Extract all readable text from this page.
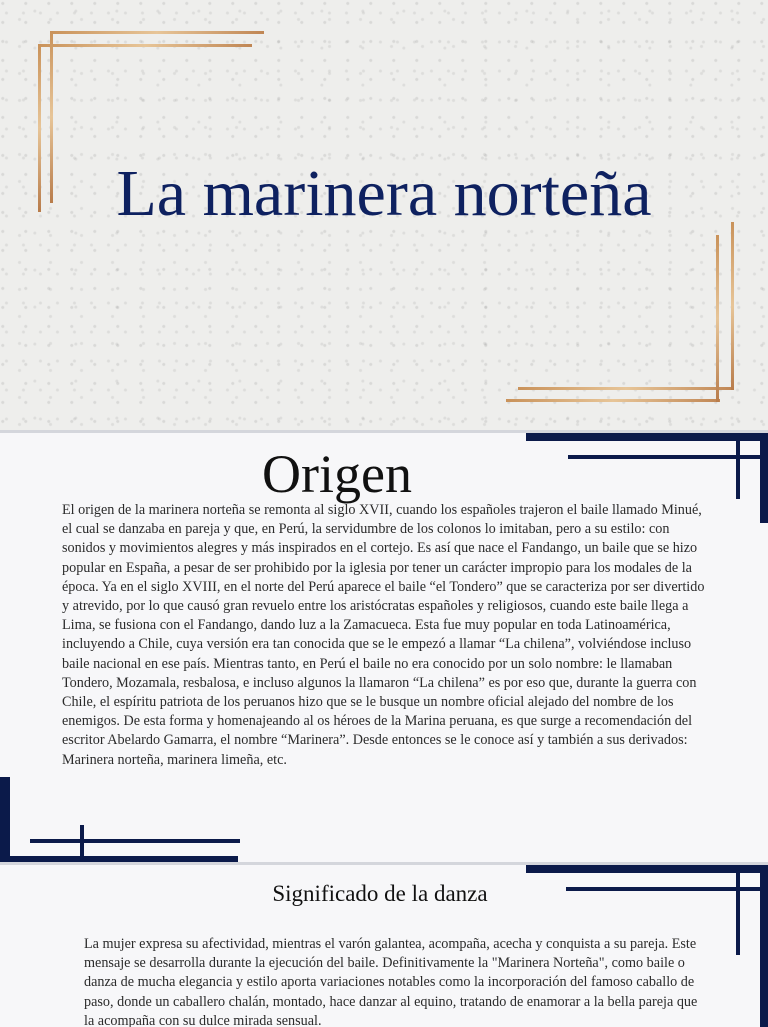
La marinera norteña
Origen

El origen de la marinera norteña se remonta al siglo XVII, cuando los españoles trajeron el baile llamado Minué, el cual se danzaba en pareja y que, en Perú, la servidumbre de los colonos lo imitaban, pero a su estilo: con sonidos y movimientos alegres y más inspirados en el cortejo. Es así que nace el Fandango, un baile que se hizo popular en España, a pesar de ser prohibido por la iglesia por tener un carácter impropio para los modales de la época. Ya en el siglo XVIII, en el norte del Perú aparece el baile “el Tondero” que se caracteriza por ser divertido y atrevido, por lo que causó gran revuelo entre los aristócratas españoles y religiosos, cuando este baile llega a Lima, se fusiona con el Fandango, dando luz a la Zamacueca. Esta fue muy popular en toda Latinoamérica, incluyendo a Chile, cuya versión era tan conocida que se le empezó a llamar “La chilena”, volviéndose incluso baile nacional en ese país. Mientras tanto, en Perú el baile no era conocido por un solo nombre: le llamaban Tondero, Mozamala, resbalosa, e incluso algunos la llamaron “La chilena” es por eso que, durante la guerra con Chile, el espíritu patriota de los peruanos hizo que se le busque un nombre oficial alejado del nombre de los enemigos. De esta forma y homenajeando al os héroes de la Marina peruana, es que surge a recomendación del escritor Abelardo Gamarra, el nombre “Marinera”. Desde entonces se le conoce así y también a sus derivados: Marinera norteña, marinera limeña, etc.

Significado de la danza

La mujer expresa su afectividad, mientras el varón galantea, acompaña, acecha y conquista a su pareja. Este mensaje se desarrolla durante la ejecución del baile. Definitivamente la "Marinera Norteña", como baile o danza de mucha elegancia y estilo aporta variaciones notables como la incorporación del famoso caballo de paso, donde un caballero chalán, montado, hace danzar al equino, tratando de enamorar a la bella pareja que la acompaña con su dulce mirada sensual.
